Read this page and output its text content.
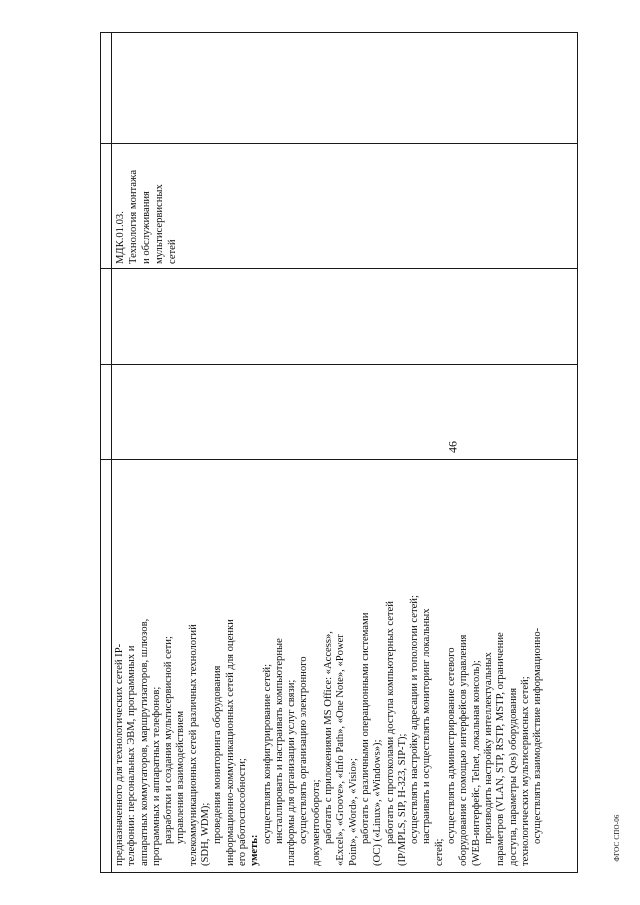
46
ФГОС СПО-06

МДК.01.03. Технология монтажа и обслуживания мультисервисных сетей

предназначенного для технологических сетей IP- телефонии: персональных ЭВМ, программных и аппаратных коммутаторов, маршрутизаторов, шлюзов, программных и аппаратных телефонов; разработки и создания мультисервисной сети; управления взаимодействием телекоммуникационных сетей различных технологий (SDH, WDM); проведения мониторинга оборудования информационно-коммуникационных сетей для оценки его работоспособности; уметь:

осуществлять конфигурирование сетей; инсталлировать и настраивать компьютерные платформы для организации услуг связи; осуществлять организацию электронного документооборота; работать с приложениями MS Office: «Access», «Excel», «Groove», «Info Path», «One Note», «Power Point», «Word», «Visio»; работать с различными операционными системами (ОС) («Linux», «Windows»); работать с протоколами доступа компьютерных сетей (IP/MPLS, SIP, H-323, SIP-T); осуществлять настройку адресации и топологии сетей; настраивать и осуществлять мониторинг локальных

сетей;

осуществлять администрирование сетевого оборудования с помощью интерфейсов управления (WEB-интерфейс, Telnet, локальная консоль); производить настройку интеллектуальных параметров (VLAN, STP, RSTP, MSTP, ограничение доступа, параметры Qos) оборудования технологических мультисервисных сетей; осуществлять взаимодействие информационно-
